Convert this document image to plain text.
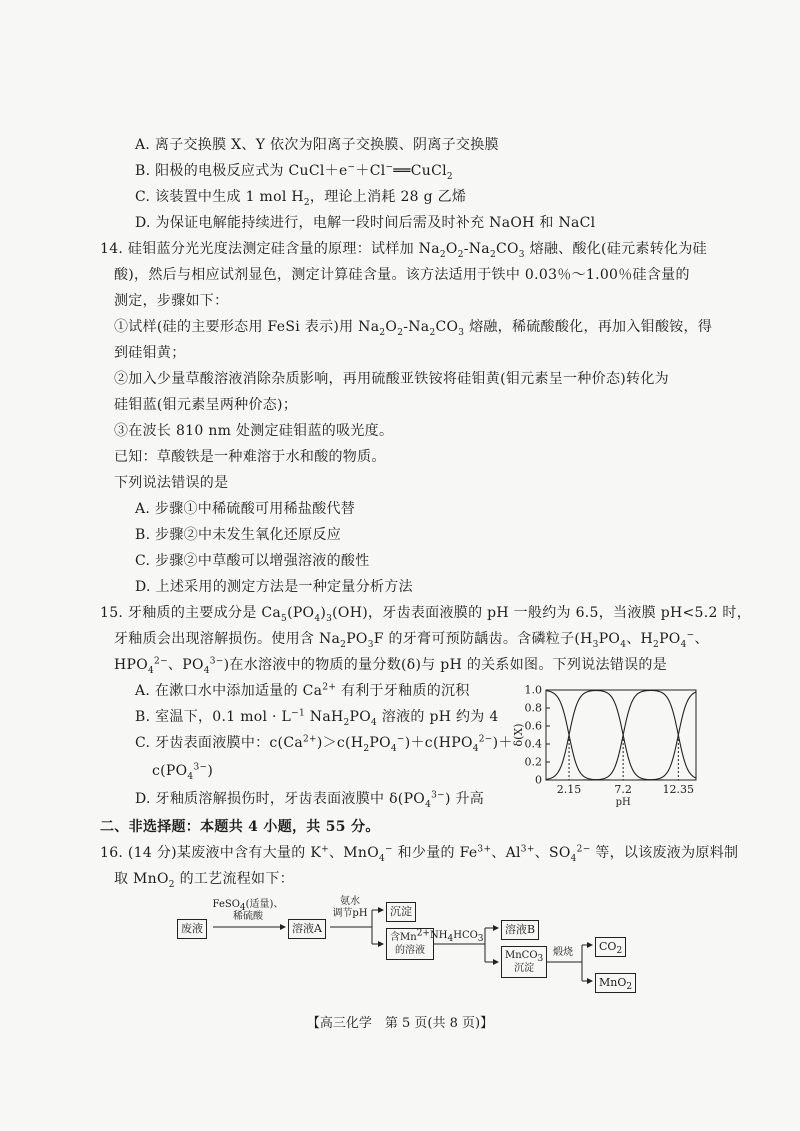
A. 离子交换膜 X、Y 依次为阳离子交换膜、阴离子交换膜
B. 阳极的电极反应式为 CuCl＋e−＋Cl−══CuCl$_2$
C. 该装置中生成 1 mol $H_2$，理论上消耗 28 g 乙烯
D. 为保证电解能持续进行，电解一段时间后需及时补充 NaOH 和 NaCl
14. 硅钼蓝分光光度法测定硅含量的原理：试样加 $Na_2O_2-Na_2CO_3$ 熔融、酸化(硅元素转化为硅
酸)，然后与相应试剂显色，测定计算硅含量。该方法适用于铁中 0.03％～1.00％硅含量的
测定，步骤如下：
①试样(硅的主要形态用 FeSi 表示)用 $Na_2O_2-Na_2CO_3$ 熔融，稀硫酸酸化，再加入钼酸铵，得
到硅钼黄；
②加入少量草酸溶液消除杂质影响，再用硫酸亚铁铵将硅钼黄(钼元素呈一种价态)转化为
硅钼蓝(钼元素呈两种价态)；
③在波长 810 nm 处测定硅钼蓝的吸光度。
已知：草酸铁是一种难溶于水和酸的物质。
下列说法错误的是
A. 步骤①中稀硫酸可用稀盐酸代替
B. 步骤②中未发生氧化还原反应
C. 步骤②中草酸可以增强溶液的酸性
D. 上述采用的测定方法是一种定量分析方法
15. 牙釉质的主要成分是 $Ca_5(PO_4)_3(OH)$，牙齿表面液膜的 pH 一般约为 6.5，当液膜 pH<5.2 时，
牙釉质会出现溶解损伤。使用含 $Na_2PO_3F$ 的牙膏可预防龋齿。含磷粒子($H_3PO_4$、$H_2PO_4^-$、
$HPO_4^{2-}$、$PO_4^{3-}$)在水溶液中的物质的量分数(δ)与 pH 的关系如图。下列说法错误的是
A. 在漱口水中添加适量的 $Ca^{2+}$ 有利于牙釉质的沉积
B. 室温下，0.1 mol · $L^{-1}$ $NaH_2PO_4$ 溶液的 pH 约为 4
C. 牙齿表面液膜中：$c(Ca^{2+})>c(H_2PO_4^-)+c(HPO_4^{2-})+$
$c(PO_4^{3-})$
D. 牙釉质溶解损伤时，牙齿表面液膜中 $\delta(PO_4^{3-})$ 升高
1.0
0.8
0.6
0.4
0.2
0
δ(X)
2.15	7.2	12.35
pH
二、非选择题：本题共 4 小题，共 55 分。
16. (14 分)某废液中含有大量的 K+、MnO$_4$− 和少量的 $Fe^{3+}$、$Al^{3+}$、$SO_4^{2-}$ 等，以该废液为原料制
取 MnO$_2$ 的工艺流程如下：
废液
FeSO$_4$(适量)、
稀硫酸
溶液A
氨水
调节pH	沉淀
含$Mn^{2+}$
的溶液
$NH_4HCO_3$
溶液B
MnCO$_3$
沉淀
煅烧	$CO_2$
MnO$_2$
【高三化学　第 5 页(共 8 页)】
